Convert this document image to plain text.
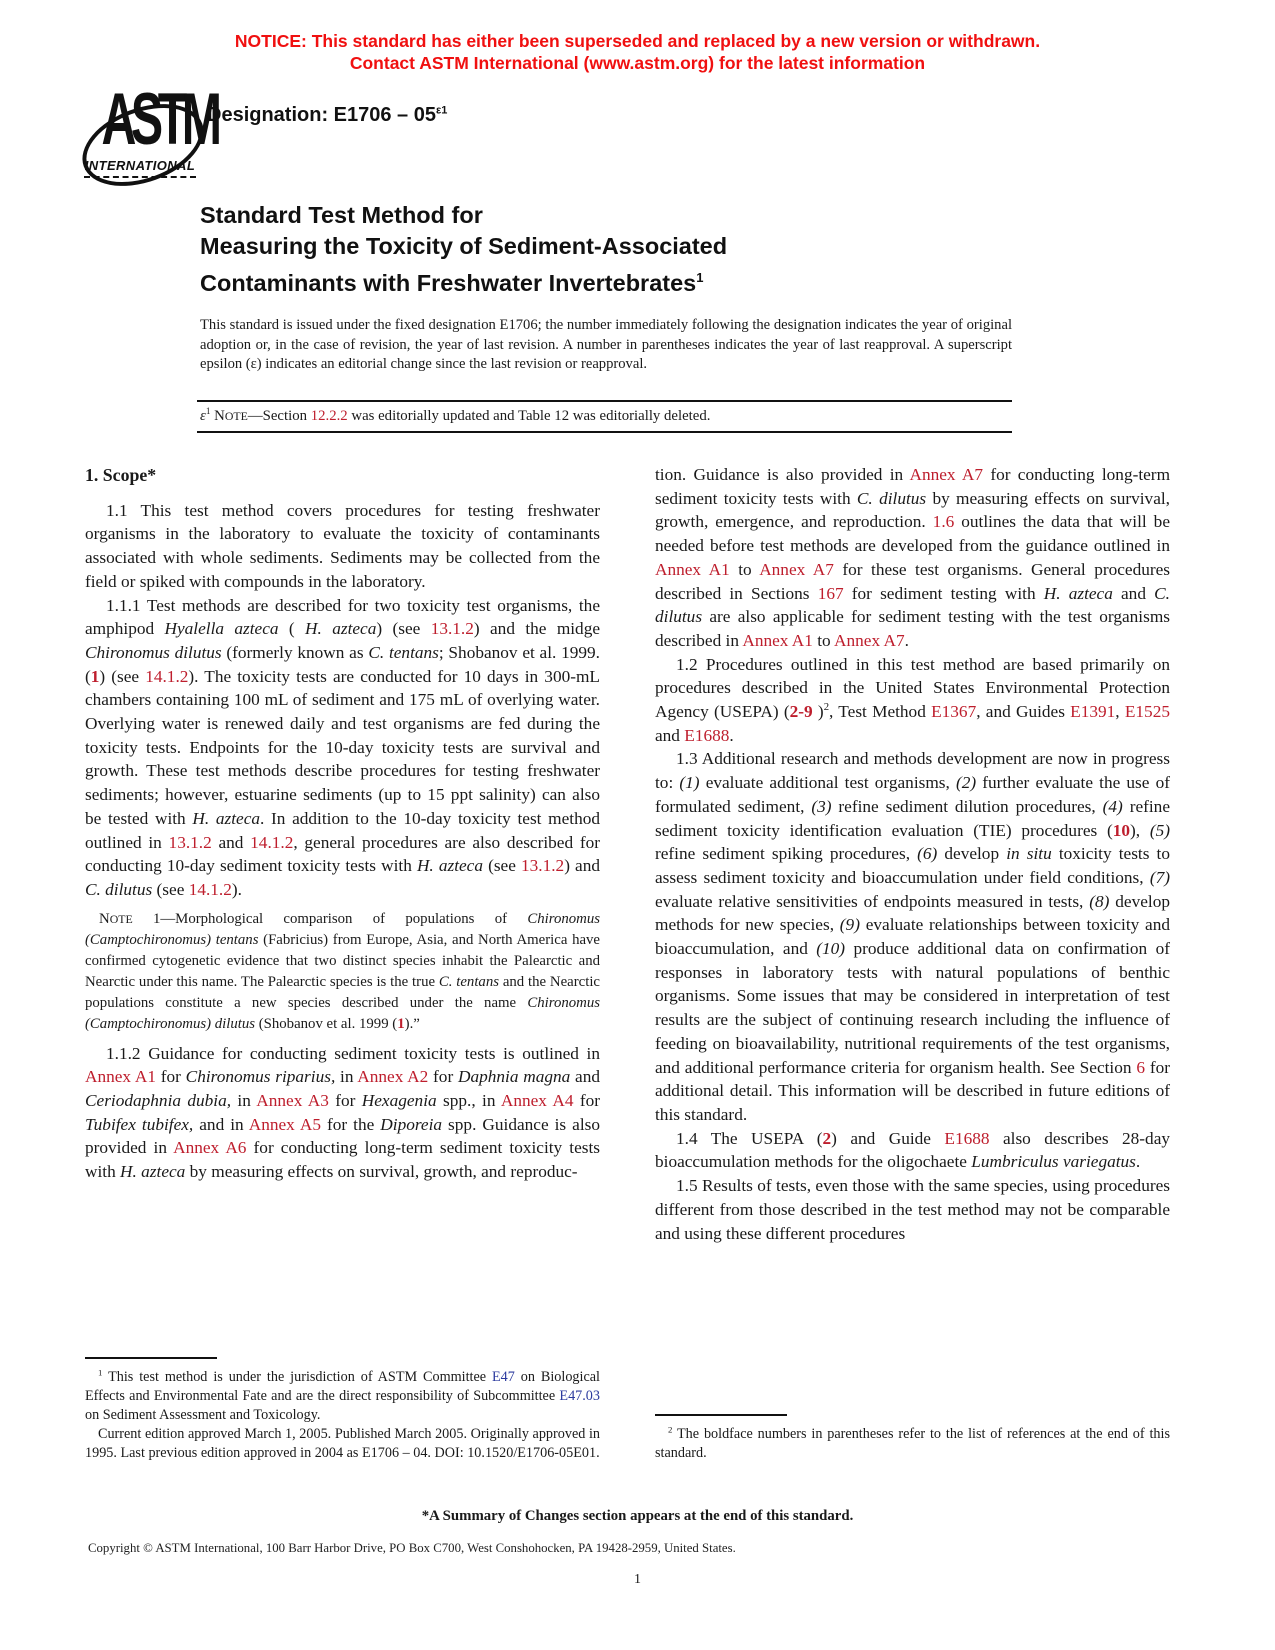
NOTICE: This standard has either been superseded and replaced by a new version or withdrawn.
Contact ASTM International (www.astm.org) for the latest information
ASTM
INTERNATIONAL
Designation: $E1706 - 05^{\varepsilon 1}$
Standard Test Method for
Measuring the Toxicity of Sediment-Associated
Contaminants with Freshwater Invertebrates$^1$

This standard is issued under the fixed designation E1706; the number immediately following the designation indicates the year of original adoption or, in the case of revision, the year of last revision. A number in parentheses indicates the year of last reapproval. A superscript epsilon (ε) indicates an editorial change since the last revision or reapproval.

$\varepsilon^1$ NOTE—Section 12.2.2 was editorially updated and Table 12 was editorially deleted.

1. Scope*

1.1 This test method covers procedures for testing freshwater organisms in the laboratory to evaluate the toxicity of contaminants associated with whole sediments. Sediments may be collected from the field or spiked with compounds in the laboratory.

1.1.1 Test methods are described for two toxicity test organisms, the amphipod Hyalella azteca ( H. azteca) (see 13.1.2) and the midge Chironomus dilutus (formerly known as C. tentans; Shobanov et al. 1999.(1) (see 14.1.2). The toxicity tests are conducted for 10 days in 300-mL chambers containing 100 mL of sediment and 175 mL of overlying water. Overlying water is renewed daily and test organisms are fed during the toxicity tests. Endpoints for the 10-day toxicity tests are survival and growth. These test methods describe procedures for testing freshwater sediments; however, estuarine sediments (up to 15 ppt salinity) can also be tested with H. azteca. In addition to the 10-day toxicity test method outlined in 13.1.2 and 14.1.2, general procedures are also described for conducting 10-day sediment toxicity tests with H. azteca (see 13.1.2) and C. dilutus (see 14.1.2).

NOTE 1—Morphological comparison of populations of Chironomus (Camptochironomus) tentans (Fabricius) from Europe, Asia, and North America have confirmed cytogenetic evidence that two distinct species inhabit the Palearctic and Nearctic under this name. The Palearctic species is the true C. tentans and the Nearctic populations constitute a new species described under the name Chironomus (Camptochironomus) dilutus (Shobanov et al. 1999 (1).”

1.1.2 Guidance for conducting sediment toxicity tests is outlined in Annex A1 for Chironomus riparius, in Annex A2 for Daphnia magna and Ceriodaphnia dubia, in Annex A3 for Hexagenia spp., in Annex A4 for Tubifex tubifex, and in Annex A5 for the Diporeia spp. Guidance is also provided in Annex A6 for conducting long-term sediment toxicity tests with H. azteca by measuring effects on survival, growth, and reproduc-

$^1$ This test method is under the jurisdiction of ASTM Committee E47 on Biological Effects and Environmental Fate and are the direct responsibility of Subcommittee E47.03 on Sediment Assessment and Toxicology.

Current edition approved March 1, 2005. Published March 2005. Originally approved in 1995. Last previous edition approved in 2004 as E1706 – 04. DOI: 10.1520/E1706-05E01.

tion. Guidance is also provided in Annex A7 for conducting long-term sediment toxicity tests with C. dilutus by measuring effects on survival, growth, emergence, and reproduction. 1.6 outlines the data that will be needed before test methods are developed from the guidance outlined in Annex A1 to Annex A7 for these test organisms. General procedures described in Sections 167 for sediment testing with H. azteca and C. dilutus are also applicable for sediment testing with the test organisms described in Annex A1 to Annex A7.

1.2 Procedures outlined in this test method are based primarily on procedures described in the United States Environmental Protection Agency (USEPA) (2-9 )$^2$, Test Method E1367, and Guides E1391, E1525 and E1688.

1.3 Additional research and methods development are now in progress to: (1) evaluate additional test organisms, (2) further evaluate the use of formulated sediment, (3) refine sediment dilution procedures, (4) refine sediment toxicity identification evaluation (TIE) procedures (10), (5) refine sediment spiking procedures, (6) develop in situ toxicity tests to assess sediment toxicity and bioaccumulation under field conditions, (7) evaluate relative sensitivities of endpoints measured in tests, (8) develop methods for new species, (9) evaluate relationships between toxicity and bioaccumulation, and (10) produce additional data on confirmation of responses in laboratory tests with natural populations of benthic organisms. Some issues that may be considered in interpretation of test results are the subject of continuing research including the influence of feeding on bioavailability, nutritional requirements of the test organisms, and additional performance criteria for organism health. See Section 6 for additional detail. This information will be described in future editions of this standard.

1.4 The USEPA (2) and Guide E1688 also describes 28-day bioaccumulation methods for the oligochaete Lumbriculus variegatus.

1.5 Results of tests, even those with the same species, using procedures different from those described in the test method may not be comparable and using these different procedures

$^2$ The boldface numbers in parentheses refer to the list of references at the end of this standard.

*A Summary of Changes section appears at the end of this standard.
Copyright © ASTM International, 100 Barr Harbor Drive, PO Box C700, West Conshohocken, PA 19428-2959, United States.
1
